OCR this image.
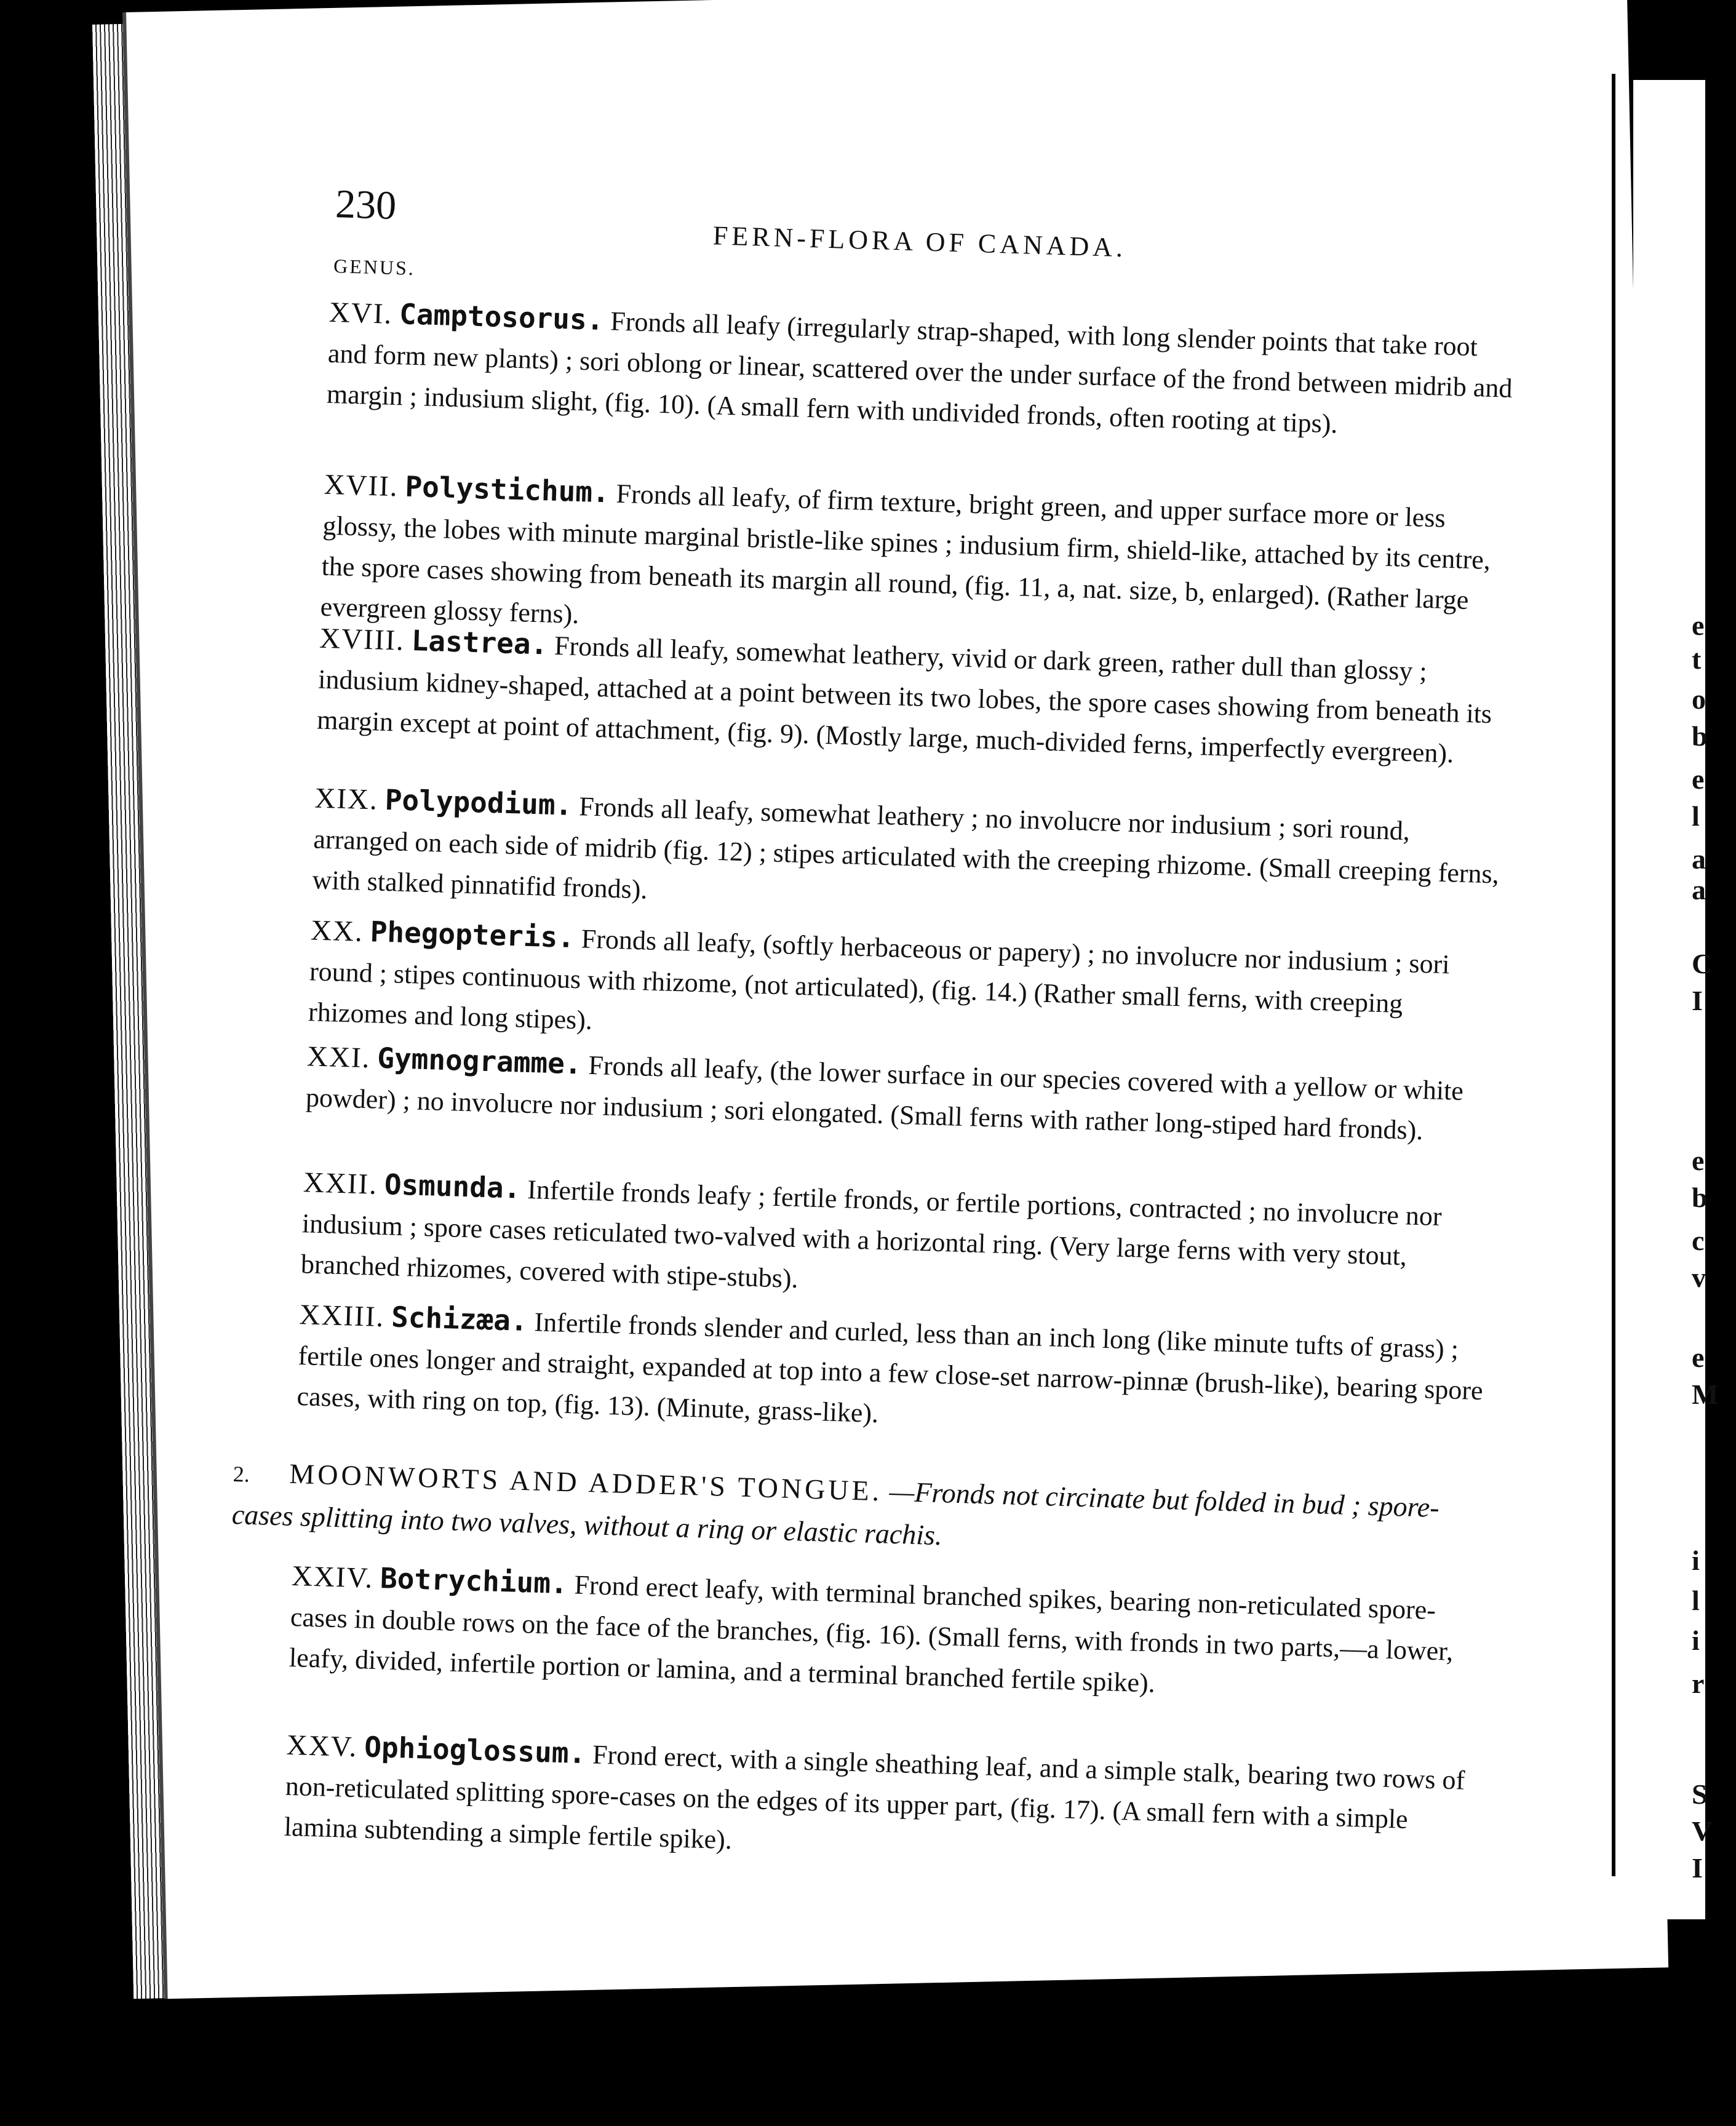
e
t
o
b
e
l
a
a
C
I
e
b
c
v
e
M
i
l
i
r
S
V
I
230
FERN-FLORA OF CANADA.
GENUS.
XVI. Camptosorus. Fronds all leafy (irregularly strap-shaped, with long slender points that take root and form new plants) ; sori oblong or linear, scattered over the under surface of the frond between midrib and margin ; indusium slight, (fig. 10). (A small fern with undivided fronds, often rooting at tips).
XVII. Polystichum. Fronds all leafy, of firm texture, bright green, and upper surface more or less glossy, the lobes with minute marginal bristle-like spines ; indusium firm, shield-like, attached by its centre, the spore cases showing from beneath its margin all round, (fig. 11, a, nat. size, b, enlarged). (Rather large evergreen glossy ferns).
XVIII. Lastrea. Fronds all leafy, somewhat leathery, vivid or dark green, rather dull than glossy ; indusium kidney-shaped, attached at a point between its two lobes, the spore cases showing from beneath its margin except at point of attachment, (fig. 9). (Mostly large, much-divided ferns, imperfectly evergreen).
XIX. Polypodium. Fronds all leafy, somewhat leathery ; no involucre nor indusium ; sori round, arranged on each side of midrib (fig. 12) ; stipes articulated with the creeping rhizome. (Small creeping ferns, with stalked pinnatifid fronds).
XX. Phegopteris. Fronds all leafy, (softly herbaceous or papery) ; no involucre nor indusium ; sori round ; stipes continuous with rhizome, (not articulated), (fig. 14.) (Rather small ferns, with creeping rhizomes and long stipes).
XXI. Gymnogramme. Fronds all leafy, (the lower surface in our species covered with a yellow or white powder) ; no involucre nor indusium ; sori elongated. (Small ferns with rather long-stiped hard fronds).
XXII. Osmunda. Infertile fronds leafy ; fertile fronds, or fertile portions, contracted ; no involucre nor indusium ; spore cases reticulated two-valved with a horizontal ring. (Very large ferns with very stout, branched rhizomes, covered with stipe-stubs).
XXIII. Schizæa. Infertile fronds slender and curled, less than an inch long (like minute tufts of grass) ; fertile ones longer and straight, expanded at top into a few close-set narrow-pinnæ (brush-like), bearing spore cases, with ring on top, (fig. 13). (Minute, grass-like).
2. MOONWORTS AND ADDER'S TONGUE. —Fronds not circinate but folded in bud ; spore-cases splitting into two valves, without a ring or elastic rachis.
XXIV. Botrychium. Frond erect leafy, with terminal branched spikes, bearing non-reticulated spore-cases in double rows on the face of the branches, (fig. 16). (Small ferns, with fronds in two parts,—a lower, leafy, divided, infertile portion or lamina, and a terminal branched fertile spike).
XXV. Ophioglossum. Frond erect, with a single sheathing leaf, and a simple stalk, bearing two rows of non-reticulated splitting spore-cases on the edges of its upper part, (fig. 17). (A small fern with a simple lamina subtending a simple fertile spike).
